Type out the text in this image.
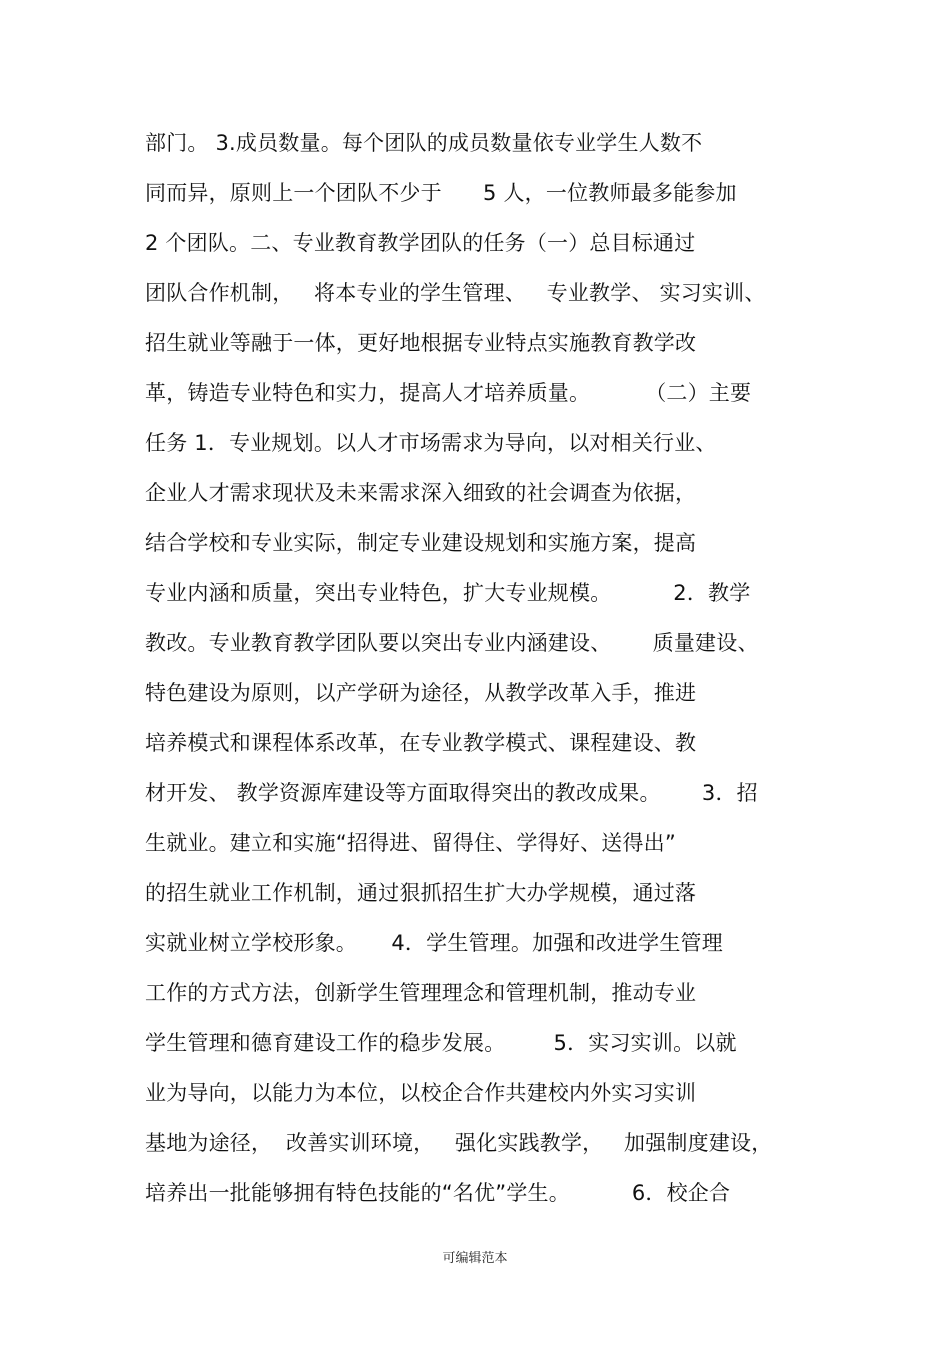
部门。 3.成员数量。每个团队的成员数量依专业学生人数不
同而异，原则上一个团队不少于      5 人，一位教师最多能参加
2 个团队。二、专业教育教学团队的任务（一）总目标通过
团队合作机制，   将本专业的学生管理、   专业教学、 实习实训、
招生就业等融于一体，更好地根据专业特点实施教育教学改
革，铸造专业特色和实力，提高人才培养质量。        （二）主要
任务 1．专业规划。以人才市场需求为导向，以对相关行业、
企业人才需求现状及未来需求深入细致的社会调查为依据，
结合学校和专业实际，制定专业建设规划和实施方案，提高
专业内涵和质量，突出专业特色，扩大专业规模。         2．教学
教改。专业教育教学团队要以突出专业内涵建设、      质量建设、
特色建设为原则，以产学研为途径，从教学改革入手，推进
培养模式和课程体系改革，在专业教学模式、课程建设、教
材开发、 教学资源库建设等方面取得突出的教改成果。      3．招
生就业。建立和实施“招得进、留得住、学得好、送得出”
的招生就业工作机制，通过狠抓招生扩大办学规模，通过落
实就业树立学校形象。     4．学生管理。加强和改进学生管理
工作的方式方法，创新学生管理理念和管理机制，推动专业
学生管理和德育建设工作的稳步发展。       5．实习实训。以就
业为导向，以能力为本位，以校企合作共建校内外实习实训
基地为途径，  改善实训环境，   强化实践教学，   加强制度建设，
培养出一批能够拥有特色技能的“名优”学生。         6．校企合
可编辑范本
